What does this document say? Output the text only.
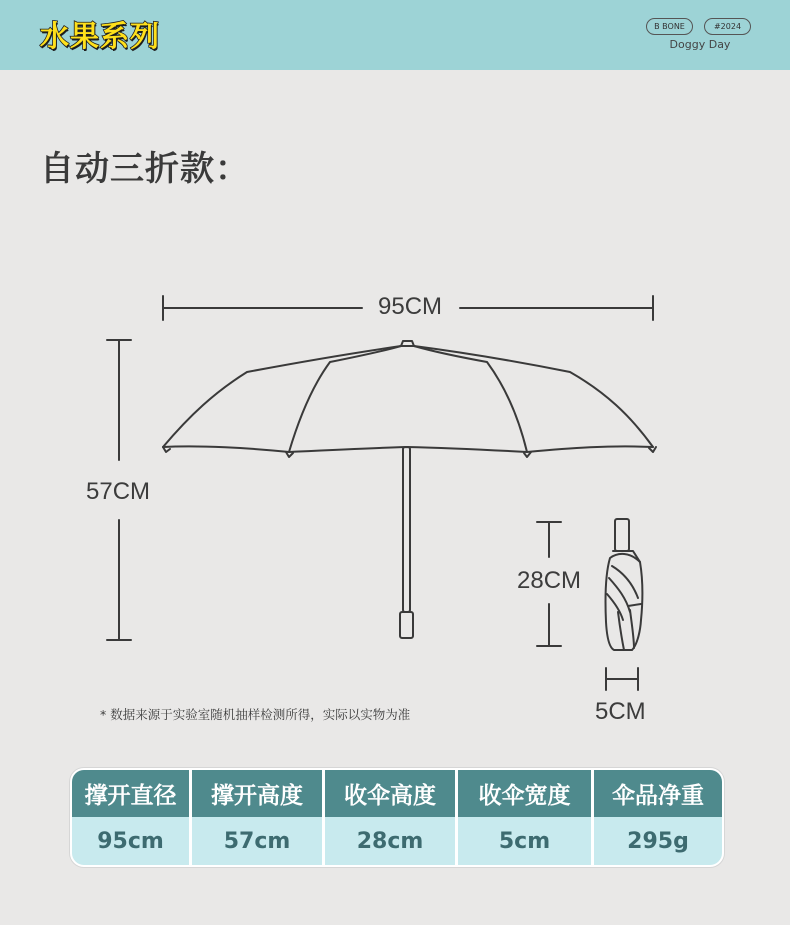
水果系列	B BONE	#2024
Doggy Day
自动三折款：
95CM
57CM
28CM
5CM
* 数据来源于实验室随机抽样检测所得，实际以实物为准
撑开直径	撑开高度	收伞高度	收伞宽度	伞品净重
95cm	57cm	28cm	5cm	295g
